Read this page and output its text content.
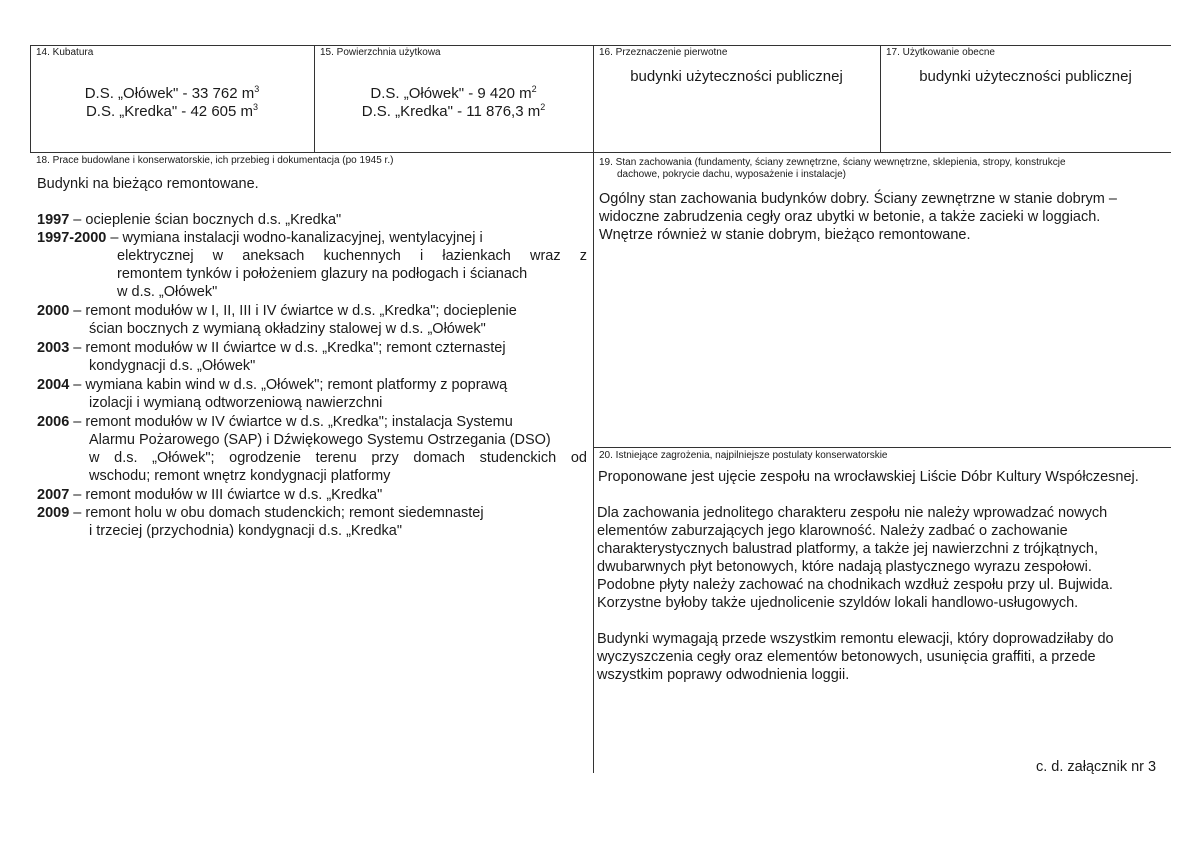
14. Kubatura
D.S. „Ołówek" - 33 762 $m^3$
D.S. „Kredka" - 42 605 $m^3$
15. Powierzchnia użytkowa
D.S. „Ołówek" - 9 420 $m^2$
D.S. „Kredka" - 11 876,3 $m^2$
16. Przeznaczenie pierwotne
budynki użyteczności publicznej
17. Użytkowanie obecne
budynki użyteczności publicznej
18. Prace budowlane i konserwatorskie, ich przebieg i dokumentacja (po 1945 r.)
Budynki na bieżąco remontowane.
1997 – ocieplenie ścian bocznych d.s. „Kredka"
1997-2000 – wymiana instalacji wodno-kanalizacyjnej, wentylacyjnej i
elektrycznej w aneksach kuchennych i łazienkach wraz z
remontem tynków i położeniem glazury na podłogach i ścianach
w d.s. „Ołówek"
2000 – remont modułów w I, II, III i IV ćwiartce w d.s. „Kredka"; docieplenie
ścian bocznych z wymianą okładziny stalowej w d.s. „Ołówek"
2003 – remont modułów w II ćwiartce w d.s. „Kredka"; remont czternastej
kondygnacji d.s. „Ołówek"
2004 – wymiana kabin wind w d.s. „Ołówek"; remont platformy z poprawą
izolacji i wymianą odtworzeniową nawierzchni
2006 – remont modułów w IV ćwiartce w d.s. „Kredka"; instalacja Systemu
Alarmu Pożarowego (SAP) i Dźwiękowego Systemu Ostrzegania (DSO)
w d.s. „Ołówek"; ogrodzenie terenu przy domach studenckich od
wschodu; remont wnętrz kondygnacji platformy
2007 – remont modułów w III ćwiartce w d.s. „Kredka"
2009 – remont holu w obu domach studenckich; remont siedemnastej
i trzeciej (przychodnia) kondygnacji d.s. „Kredka"
19. Stan zachowania (fundamenty, ściany zewnętrzne, ściany wewnętrzne, sklepienia, stropy, konstrukcje
dachowe, pokrycie dachu, wyposażenie i instalacje)
Ogólny stan zachowania budynków dobry. Ściany zewnętrzne w stanie dobrym –
widoczne zabrudzenia cegły oraz ubytki w betonie, a także zacieki w loggiach.
Wnętrze również w stanie dobrym, bieżąco remontowane.
20. Istniejące zagrożenia, najpilniejsze postulaty konserwatorskie
Proponowane jest ujęcie zespołu na wrocławskiej Liście Dóbr Kultury Współczesnej.
Dla zachowania jednolitego charakteru zespołu nie należy wprowadzać nowych
elementów zaburzających jego klarowność. Należy zadbać o zachowanie
charakterystycznych balustrad platformy, a także jej nawierzchni z trójkątnych,
dwubarwnych płyt betonowych, które nadają plastycznego wyrazu zespołowi.
Podobne płyty należy zachować na chodnikach wzdłuż zespołu przy ul. Bujwida.
Korzystne byłoby także ujednolicenie szyldów lokali handlowo-usługowych.
Budynki wymagają przede wszystkim remontu elewacji, który doprowadziłaby do
wyczyszczenia cegły oraz elementów betonowych, usunięcia graffiti, a przede
wszystkim poprawy odwodnienia loggii.
c. d. załącznik nr 3
